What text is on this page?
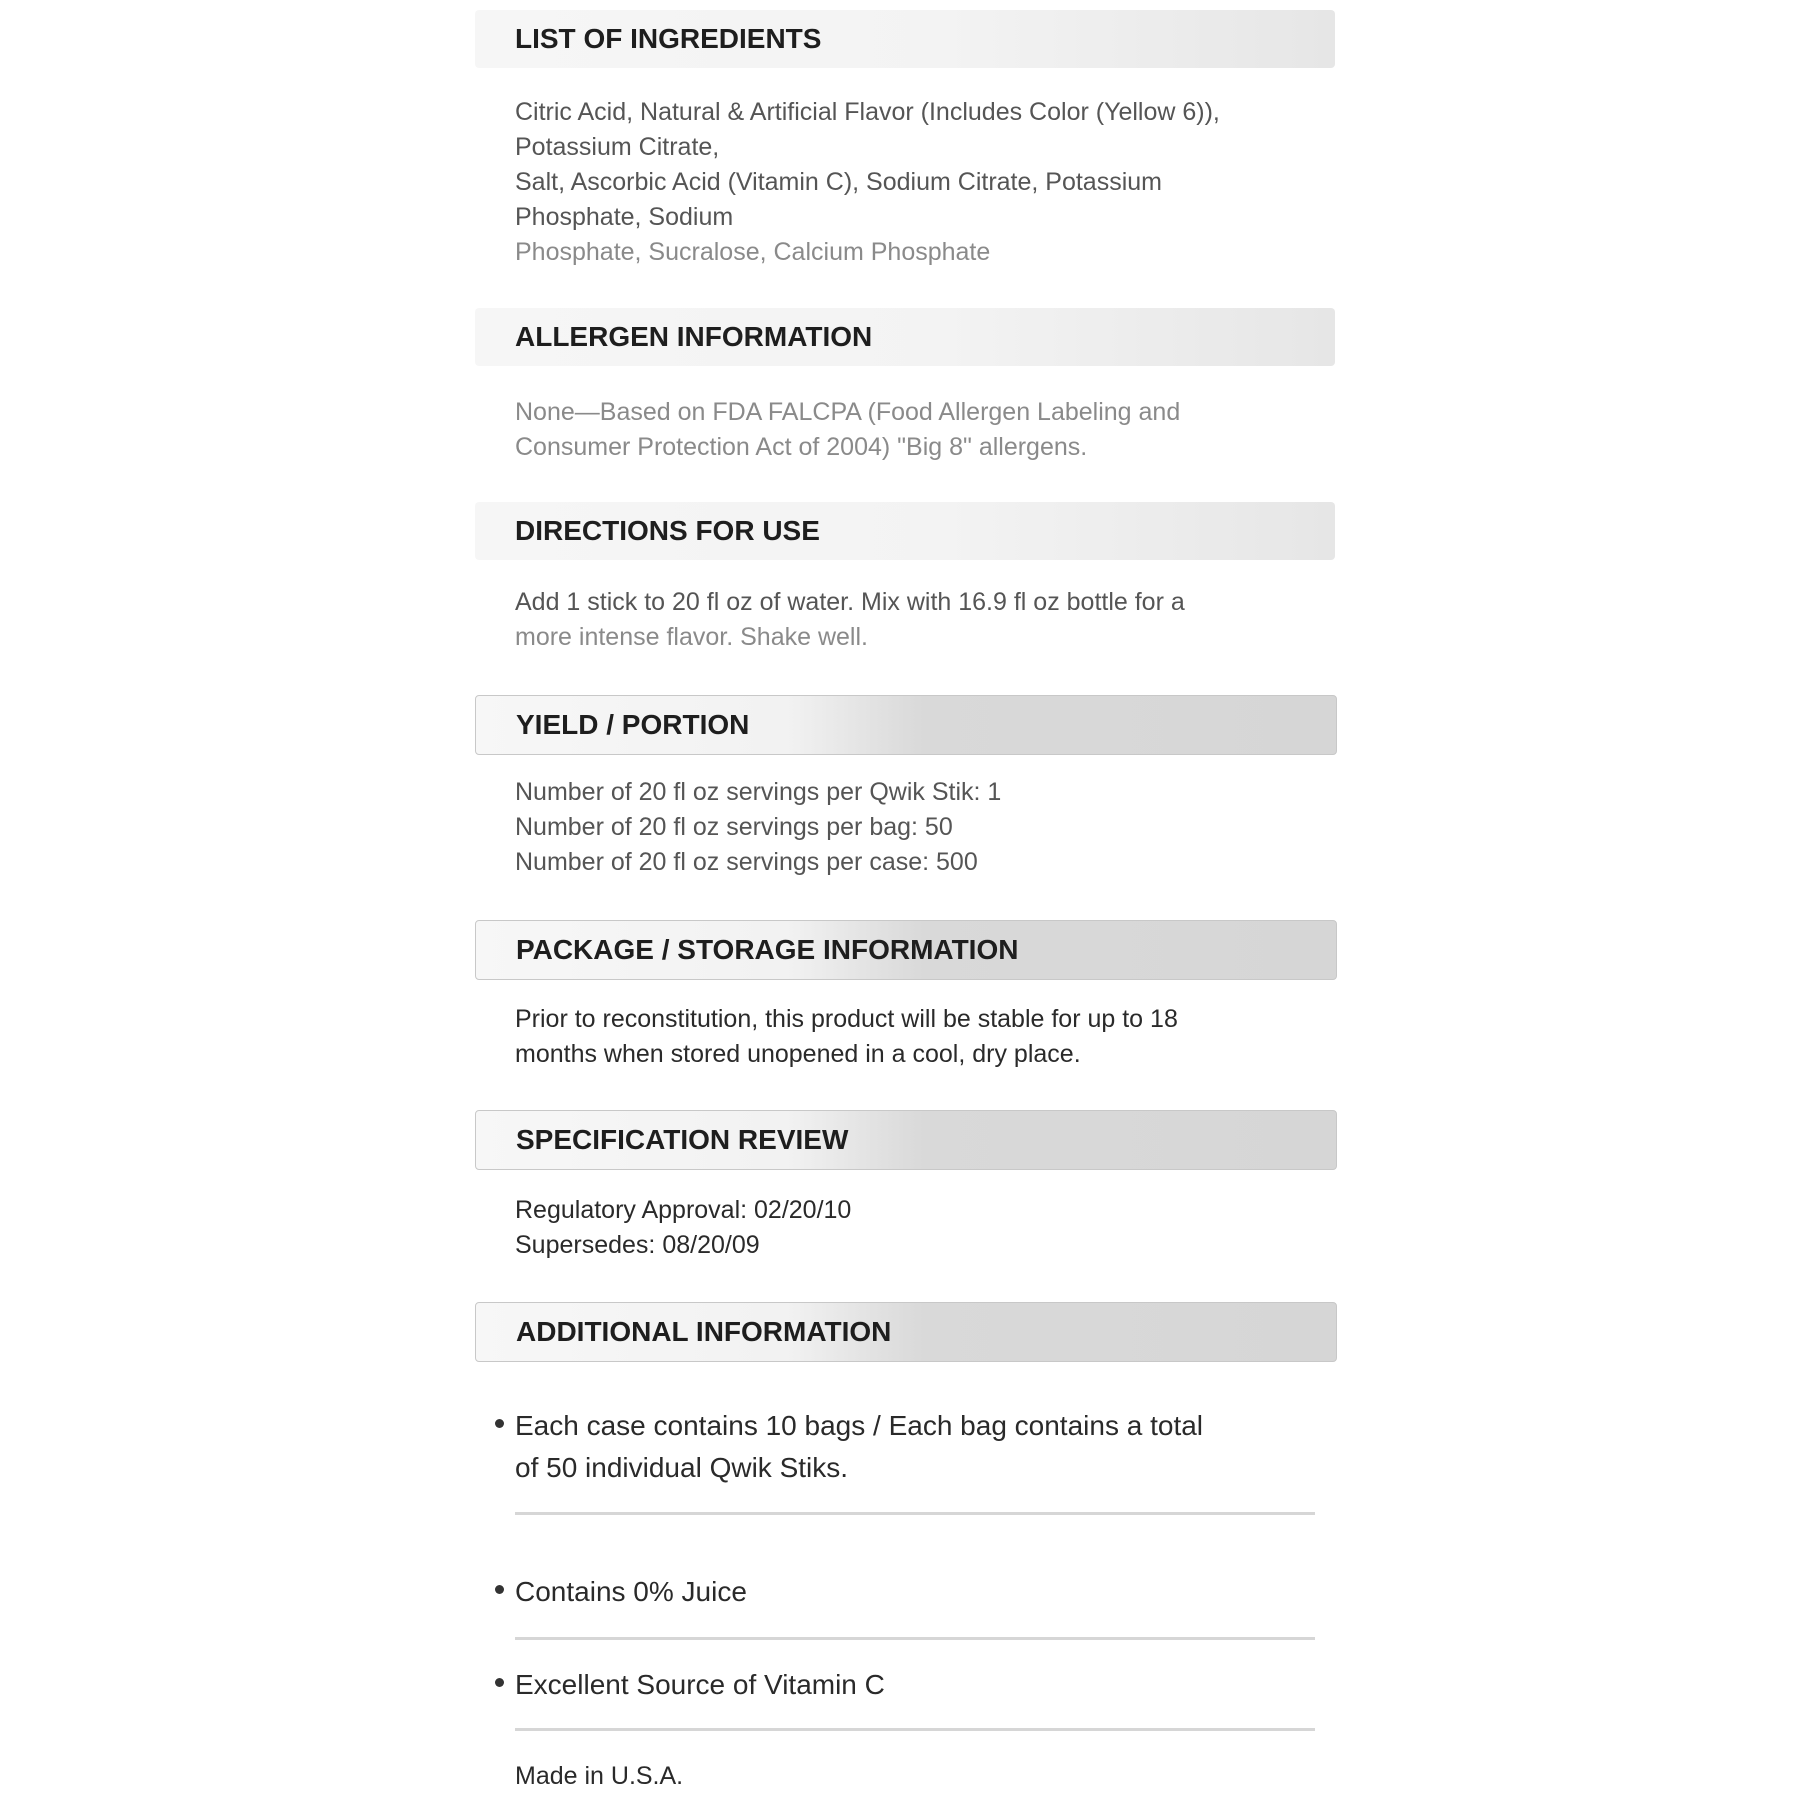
LIST OF INGREDIENTS
Citric Acid, Natural & Artificial Flavor (Includes Color (Yellow 6)),
Potassium Citrate,
Salt, Ascorbic Acid (Vitamin C), Sodium Citrate, Potassium
Phosphate, Sodium
Phosphate, Sucralose, Calcium Phosphate
ALLERGEN INFORMATION
None—Based on FDA FALCPA (Food Allergen Labeling and
Consumer Protection Act of 2004) "Big 8" allergens.
DIRECTIONS FOR USE
Add 1 stick to 20 fl oz of water. Mix with 16.9 fl oz bottle for a
more intense flavor. Shake well.
YIELD / PORTION
Number of 20 fl oz servings per Qwik Stik: 1
Number of 20 fl oz servings per bag: 50
Number of 20 fl oz servings per case: 500
PACKAGE / STORAGE INFORMATION
Prior to reconstitution, this product will be stable for up to 18
months when stored unopened in a cool, dry place.
SPECIFICATION REVIEW
Regulatory Approval: 02/20/10
Supersedes: 08/20/09
ADDITIONAL INFORMATION
Each case contains 10 bags / Each bag contains a total
of 50 individual Qwik Stiks.
Contains 0% Juice
Excellent Source of Vitamin C
Made in U.S.A.
